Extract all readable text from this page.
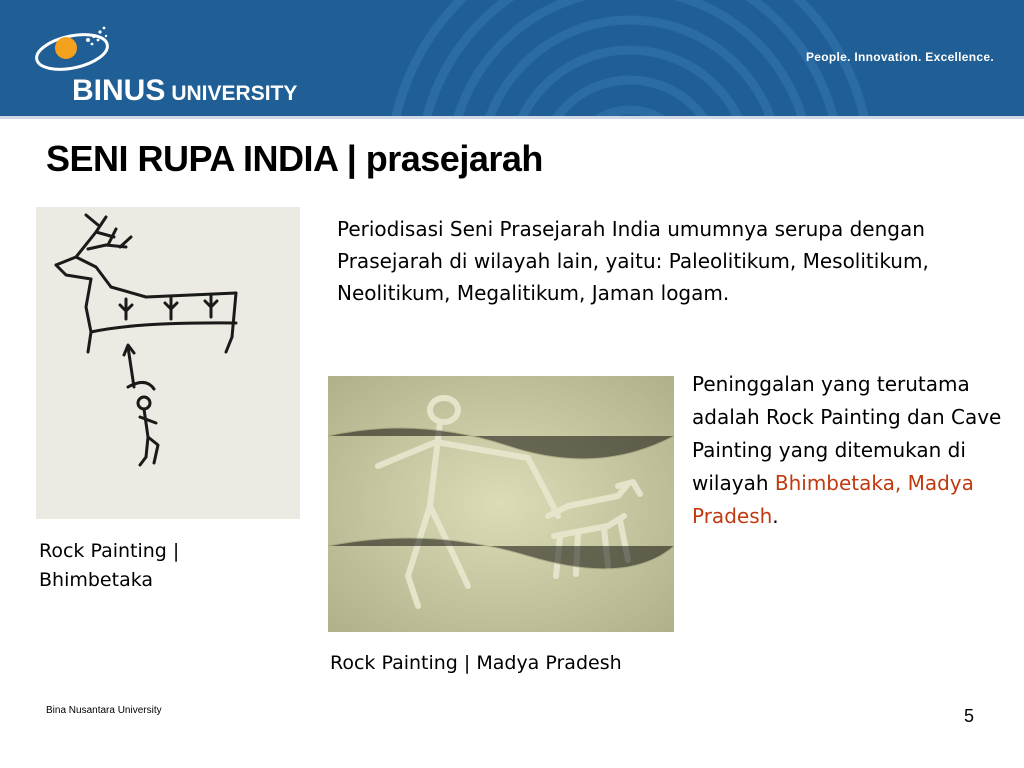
BINUS UNIVERSITY
People. Innovation. Excellence.
SENI RUPA INDIA | prasejarah
Rock Painting | Bhimbetaka
Rock Painting | Madya Pradesh
Periodisasi Seni Prasejarah India umumnya serupa dengan Prasejarah di wilayah lain, yaitu: Paleolitikum, Mesolitikum, Neolitikum, Megalitikum, Jaman logam.
Peninggalan yang terutama adalah Rock Painting dan Cave Painting yang ditemukan di wilayah Bhimbetaka, Madya Pradesh.
Bina Nusantara University	5
